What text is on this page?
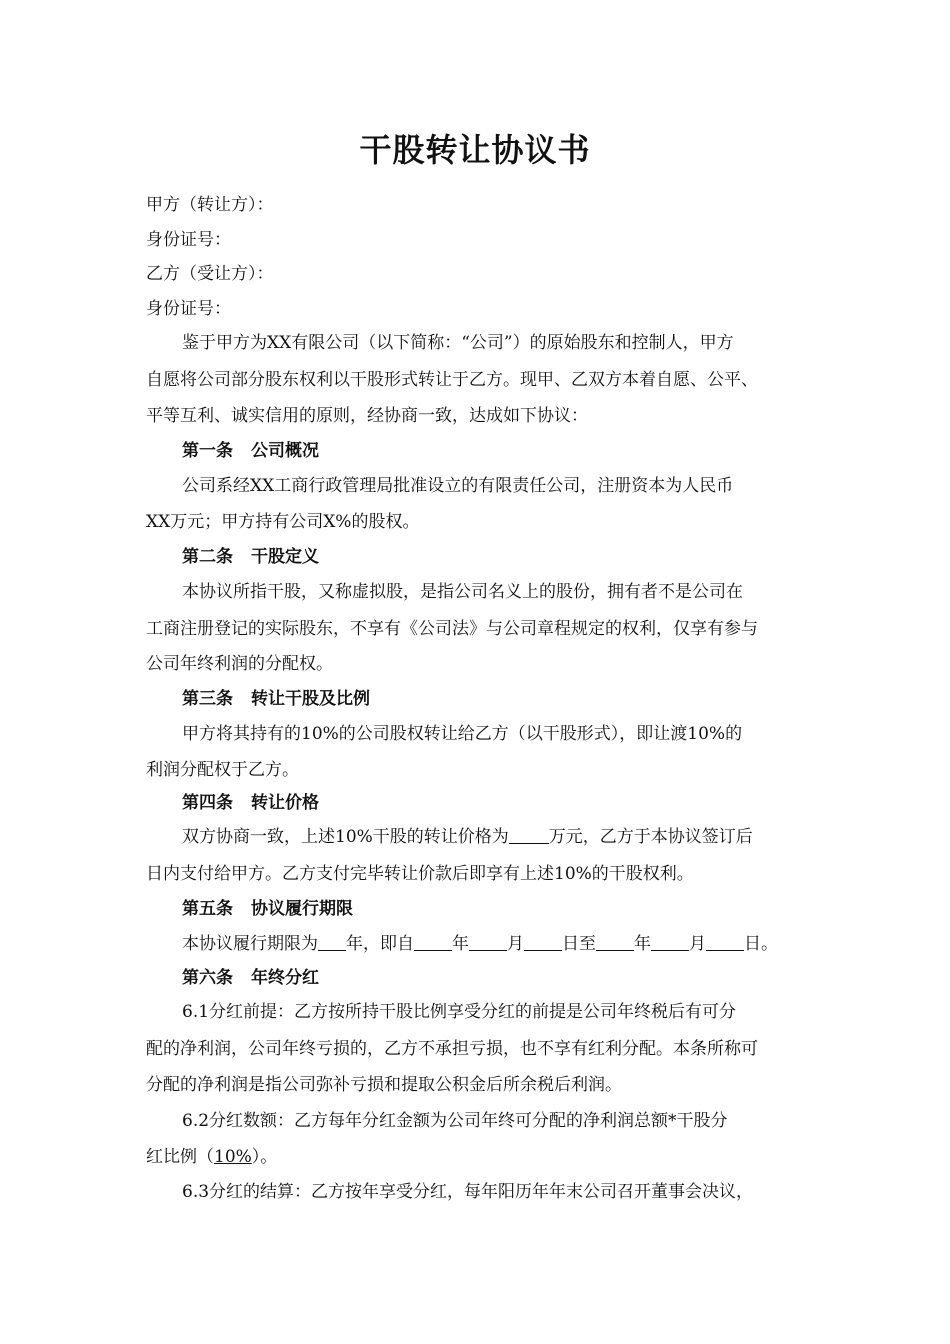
干股转让协议书
甲方（转让方）：
身份证号：
乙方（受让方）：
身份证号：
鉴于甲方为XX有限公司（以下简称：“公司”）的原始股东和控制人，甲方
自愿将公司部分股东权利以干股形式转让于乙方。现甲、乙双方本着自愿、公平、
平等互利、诚实信用的原则，经协商一致，达成如下协议：
第一条 公司概况
公司系经XX工商行政管理局批准设立的有限责任公司，注册资本为人民币
XX万元；甲方持有公司X%的股权。
第二条 干股定义
本协议所指干股，又称虚拟股，是指公司名义上的股份，拥有者不是公司在
工商注册登记的实际股东，不享有《公司法》与公司章程规定的权利，仅享有参与
公司年终利润的分配权。
第三条 转让干股及比例
甲方将其持有的10%的公司股权转让给乙方（以干股形式），即让渡10%的
利润分配权于乙方。
第四条 转让价格
双方协商一致，上述10%干股的转让价格为 万元，乙方于本协议签订后
日内支付给甲方。乙方支付完毕转让价款后即享有上述10%的干股权利。
第五条 协议履行期限
本协议履行期限为 年，即自 年 月 日至 年 月 日。
第六条 年终分红
6.1分红前提：乙方按所持干股比例享受分红的前提是公司年终税后有可分
配的净利润，公司年终亏损的，乙方不承担亏损，也不享有红利分配。本条所称可
分配的净利润是指公司弥补亏损和提取公积金后所余税后利润。
6.2分红数额：乙方每年分红金额为公司年终可分配的净利润总额*干股分
红比例（10%）。
6.3分红的结算：乙方按年享受分红，每年阳历年年末公司召开董事会决议，
